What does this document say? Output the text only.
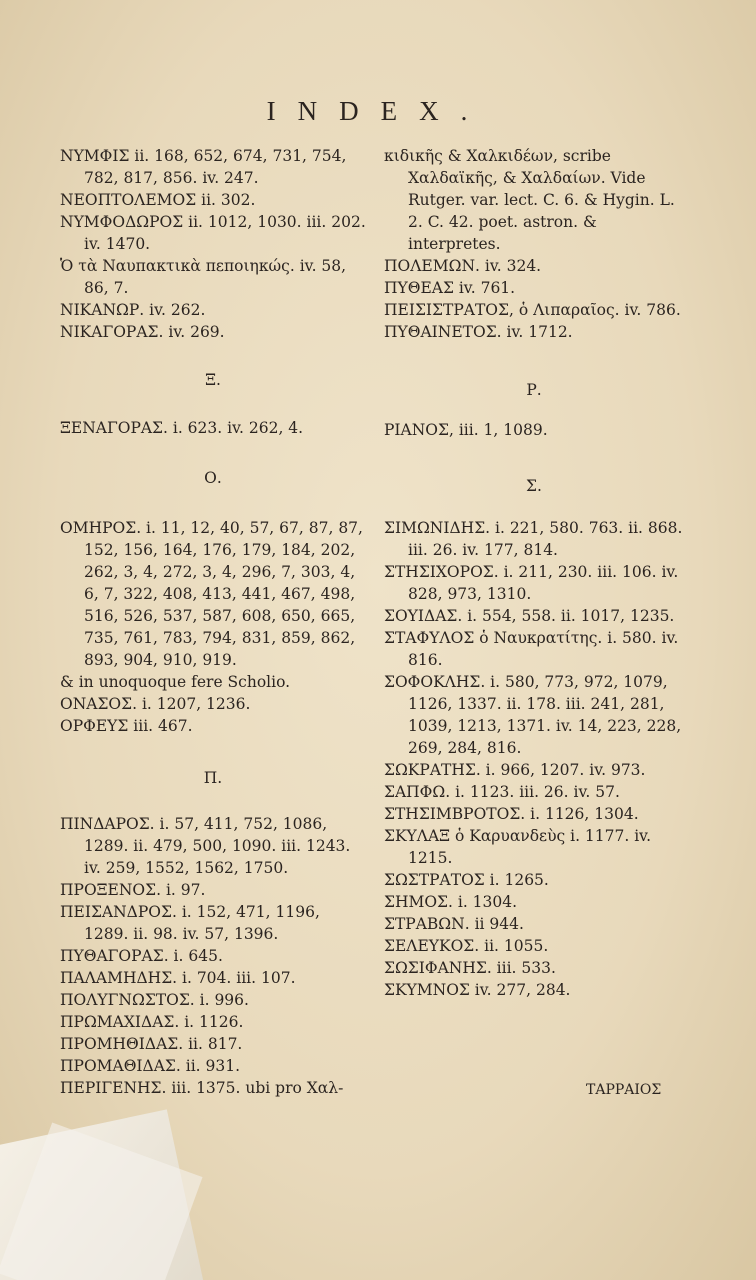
INDEX.

ΝΥΜΦΙΣ ii. 168, 652, 674, 731, 754, 782, 817, 856. iv. 247.

ΝΕΟΠΤΟΛΕΜΟΣ ii. 302.

ΝΥΜΦΟΔΩΡΟΣ ii. 1012, 1030. iii. 202. iv. 1470.

Ὁ τὰ Ναυπακτικὰ πεποιηκώς. iv. 58, 86, 7.

ΝΙΚΑΝΩΡ. iv. 262.

ΝΙΚΑΓΟΡΑΣ. iv. 269.

Ξ.

ΞΕΝΑΓΟΡΑΣ. i. 623. iv. 262, 4.

Ο.

ΟΜΗΡΟΣ. i. 11, 12, 40, 57, 67, 87, 87, 152, 156, 164, 176, 179, 184, 202, 262, 3, 4, 272, 3, 4, 296, 7, 303, 4, 6, 7, 322, 408, 413, 441, 467, 498, 516, 526, 537, 587, 608, 650, 665, 735, 761, 783, 794, 831, 859, 862, 893, 904, 910, 919.

& in unoquoque fere Scholio.

ΟΝΑΣΟΣ. i. 1207, 1236.

ΟΡΦΕΥΣ iii. 467.

Π.

ΠΙΝΔΑΡΟΣ. i. 57, 411, 752, 1086, 1289. ii. 479, 500, 1090. iii. 1243. iv. 259, 1552, 1562, 1750.

ΠΡΟΞΕΝΟΣ. i. 97.

ΠΕΙΣΑΝΔΡΟΣ. i. 152, 471, 1196, 1289. ii. 98. iv. 57, 1396.

ΠΥΘΑΓΟΡΑΣ. i. 645.

ΠΑΛΑΜΗΔΗΣ. i. 704. iii. 107.

ΠΟΛΥΓΝΩΣΤΟΣ. i. 996.

ΠΡΩΜΑΧΙΔΑΣ. i. 1126.

ΠΡΟΜΗΘΙΔΑΣ. ii. 817.

ΠΡΟΜΑΘΙΔΑΣ. ii. 931.

ΠΕΡΙΓΕΝΗΣ. iii. 1375. ubi pro Χαλ-

κιδικῆς & Χαλκιδέων, scribe Χαλδαϊκῆς, & Χαλδαίων. Vide Rutger. var. lect. C. 6. & Hygin. L. 2. C. 42. poet. astron. & interpretes.

ΠΟΛΕΜΩΝ. iv. 324.

ΠΥΘΕΑΣ iv. 761.

ΠΕΙΣΙΣΤΡΑΤΟΣ, ὁ Λιπαραῖος. iv. 786.

ΠΥΘΑΙΝΕΤΟΣ. iv. 1712.

Ρ.

ΡΙΑΝΟΣ, iii. 1, 1089.

Σ.

ΣΙΜΩΝΙΔΗΣ. i. 221, 580. 763. ii. 868. iii. 26. iv. 177, 814.

ΣΤΗΣΙΧΟΡΟΣ. i. 211, 230. iii. 106. iv. 828, 973, 1310.

ΣΟΥΙΔΑΣ. i. 554, 558. ii. 1017, 1235.

ΣΤΑΦΥΛΟΣ ὁ Ναυκρατίτης. i. 580. iv. 816.

ΣΟΦΟΚΛΗΣ. i. 580, 773, 972, 1079, 1126, 1337. ii. 178. iii. 241, 281, 1039, 1213, 1371. iv. 14, 223, 228, 269, 284, 816.

ΣΩΚΡΑΤΗΣ. i. 966, 1207. iv. 973.

ΣΑΠΦΩ. i. 1123. iii. 26. iv. 57.

ΣΤΗΣΙΜΒΡΟΤΟΣ. i. 1126, 1304.

ΣΚΥΛΑΞ ὁ Καρυανδεὺς i. 1177. iv. 1215.

ΣΩΣΤΡΑΤΟΣ i. 1265.

ΣΗΜΟΣ. i. 1304.

ΣΤΡΑΒΩΝ. ii 944.

ΣΕΛΕΥΚΟΣ. ii. 1055.

ΣΩΣΙΦΑΝΗΣ. iii. 533.

ΣΚΥΜΝΟΣ iv. 277, 284.

ΤΑΡΡΑΙΟΣ
